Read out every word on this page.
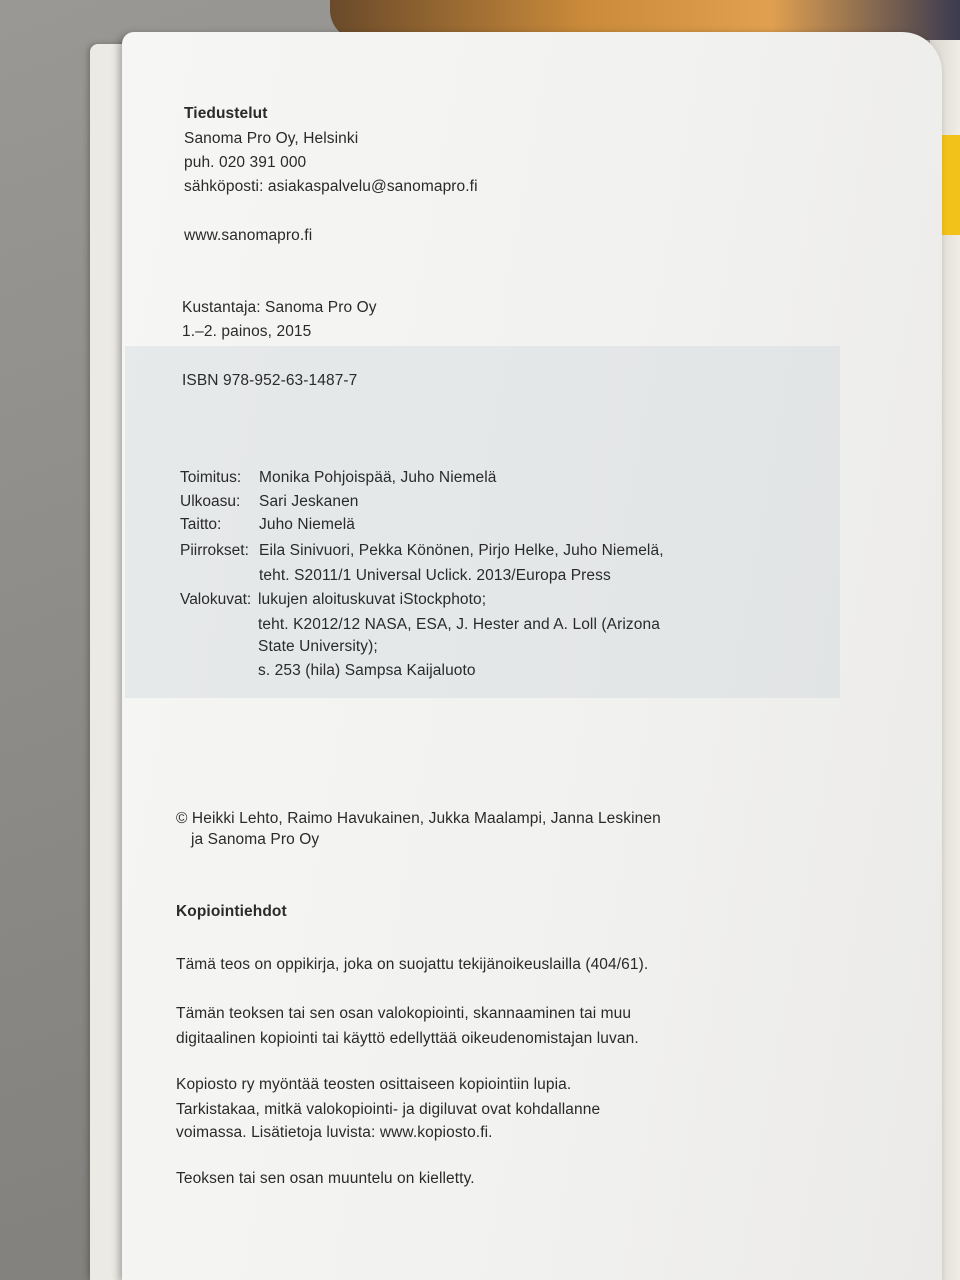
Tiedustelut
Sanoma Pro Oy, Helsinki
puh. 020 391 000
sähköposti: asiakaspalvelu@sanomapro.fi
www.sanomapro.fi
Kustantaja: Sanoma Pro Oy
1.–2. painos, 2015
ISBN 978-952-63-1487-7
Toimitus: Monika Pohjoispää, Juho Niemelä
Ulkoasu: Sari Jeskanen
Taitto: Juho Niemelä
Piirrokset: Eila Sinivuori, Pekka Könönen, Pirjo Helke, Juho Niemelä,
teht. S2011/1 Universal Uclick. 2013/Europa Press
Valokuvat: lukujen aloituskuvat iStockphoto;
teht. K2012/12 NASA, ESA, J. Hester and A. Loll (Arizona
State University);
s. 253 (hila) Sampsa Kaijaluoto
© Heikki Lehto, Raimo Havukainen, Jukka Maalampi, Janna Leskinen
ja Sanoma Pro Oy
Kopiointiehdot
Tämä teos on oppikirja, joka on suojattu tekijänoikeuslailla (404/61).
Tämän teoksen tai sen osan valokopiointi, skannaaminen tai muu
digitaalinen kopiointi tai käyttö edellyttää oikeudenomistajan luvan.
Kopiosto ry myöntää teosten osittaiseen kopiointiin lupia.
Tarkistakaa, mitkä valokopiointi- ja digiluvat ovat kohdallanne
voimassa. Lisätietoja luvista: www.kopiosto.fi.
Teoksen tai sen osan muuntelu on kielletty.
